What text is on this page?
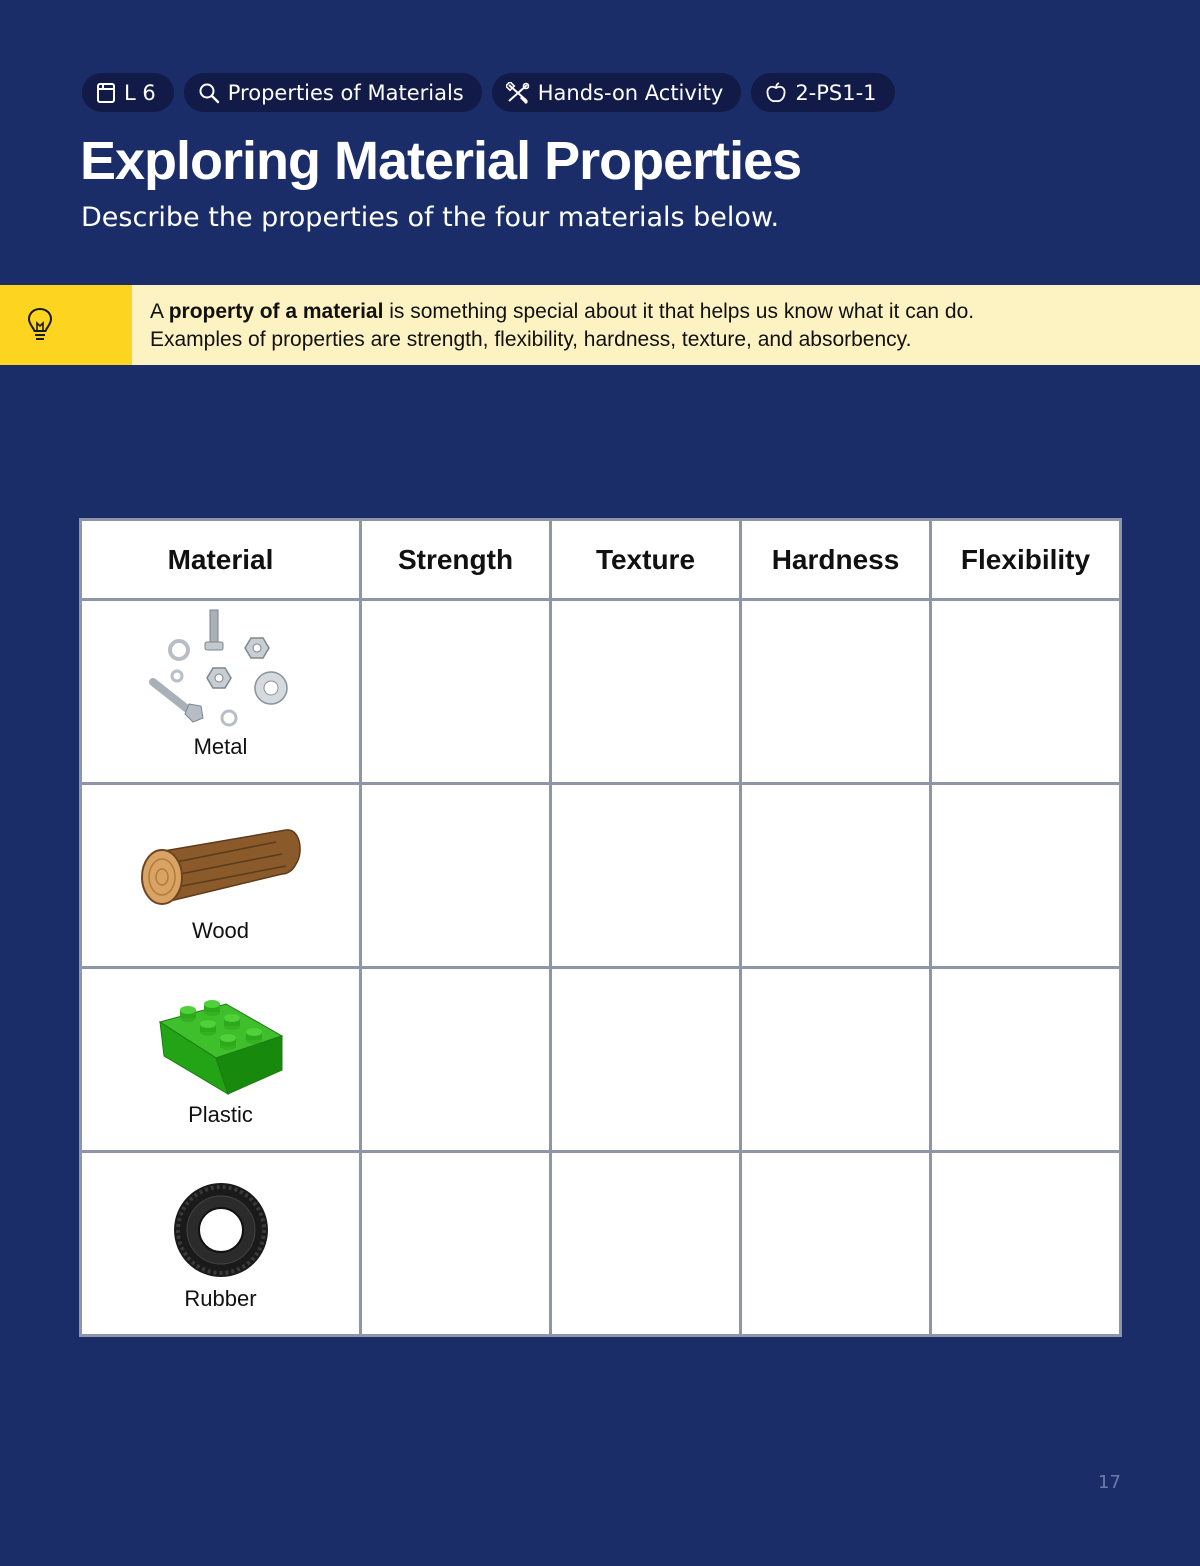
L 6	Properties of Materials	Hands-on Activity	2-PS1-1
Exploring Material Properties

Describe the properties of the four materials below.

A property of a material is something special about it that helps us know what it can do.
Examples of properties are strength, flexibility, hardness, texture, and absorbency.
Material	Strength	Texture	Hardness	Flexibility

Metal				

Wood				

Plastic				

Rubber				

17
